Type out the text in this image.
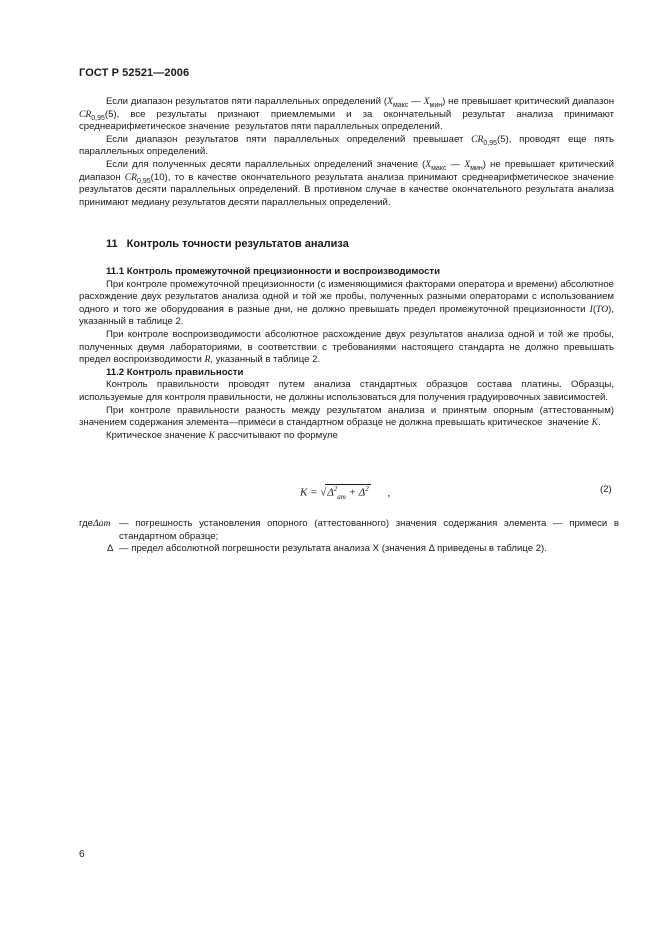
ГОСТ Р 52521—2006

Если диапазон результатов пяти параллельных определений ($X_{макс}$ — $X_{мин}$) не превышает критический диапазон $CR_{0,95}(5)$, все результаты признают приемлемыми и за окончательный результат анализа принимают среднеарифметическое значение  результатов пяти параллельных определений.

Если диапазон результатов пяти параллельных определений превышает $CR_{0,95}(5)$, проводят еще пять параллельных определений.

Если для полученных десяти параллельных определений значение ($X_{макс}$ — $X_{мин}$) не превышает критический диапазон $CR_{0,95}(10)$, то в качестве окончательного результата анализа принимают среднеарифметическое значение результатов десяти параллельных определений. В противном случае в качестве окончательного результата анализа принимают медиану результатов десяти параллельных определений.

11 Контроль точности результатов анализа

11.1 Контроль промежуточной прецизионности и воспроизводимости

При контроле промежуточной прецизионности (с изменяющимися факторами оператора и времени) абсолютное расхождение двух результатов анализа одной и той же пробы, полученных разными операторами с использованием одного и того же оборудования в разные дни, не должно превышать предел промежуточной прецизионности I(TO), указанный в таблице 2.

При контроле воспроизводимости абсолютное расхождение двух результатов анализа одной и той же пробы, полученных двумя лабораториями, в соответствии с требованиями настоящего стандарта не должно превышать предел воспроизводимости R, указанный в таблице 2.

11.2 Контроль правильности

Контроль правильности проводят путем анализа стандартных образцов состава платины. Образцы, используемые для контроля правильности, не должны использоваться для получения градуировочных зависимостей.

При контроле правильности разность между результатом анализа и принятым опорным (аттестованным) значением содержания элемента—примеси в стандартном образце не должна превышать критическое  значение K.

Критическое значение K рассчитывают по формуле

$K = √\Delta^2_{ат} + \Delta^2$ ,	(2)
гдеΔат — погрешность установления опорного (аттестованного) значения содержания элемента — примеси в стандартном образце;
Δ — предел абсолютной погрешности результата анализа X (значения Δ приведены в таблице 2).
6
